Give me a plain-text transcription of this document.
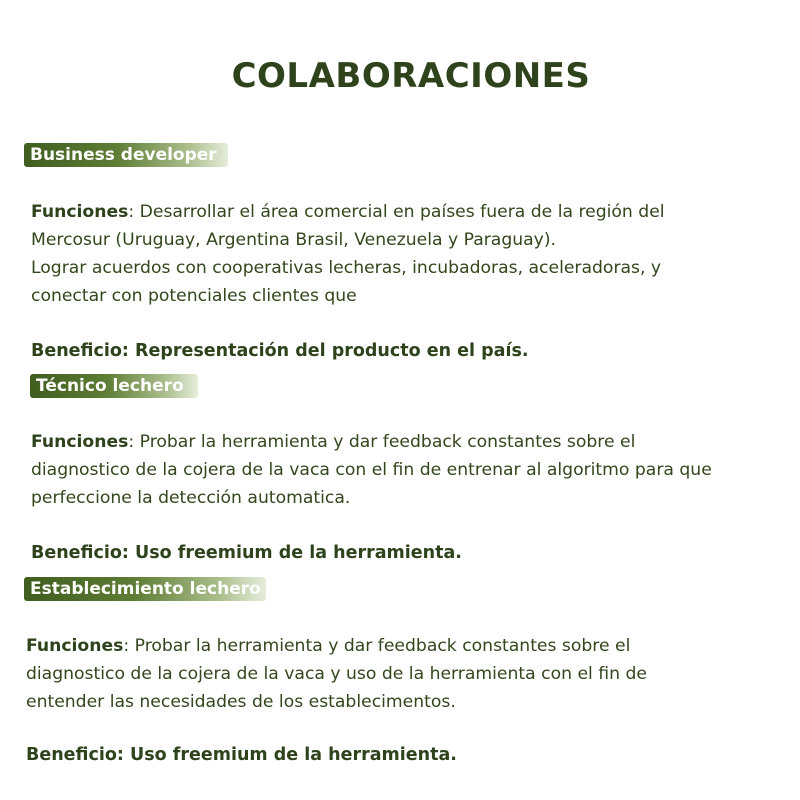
COLABORACIONES
Business developer

Funciones: Desarrollar el área comercial en países fuera de la región del
Mercosur (Uruguay, Argentina Brasil, Venezuela y Paraguay).
Lograr acuerdos con cooperativas lecheras, incubadoras, aceleradoras, y
conectar con potenciales clientes que

Beneficio: Representación del producto en el país.

Técnico lechero

Funciones: Probar la herramienta y dar feedback constantes sobre el
diagnostico de la cojera de la vaca con el fin de entrenar al algoritmo para que
perfeccione la detección automatica.

Beneficio: Uso freemium de la herramienta.

Establecimiento lechero

Funciones: Probar la herramienta y dar feedback constantes sobre el
diagnostico de la cojera de la vaca y uso de la herramienta con el fin de
entender las necesidades de los establecimentos.

Beneficio: Uso freemium de la herramienta.
